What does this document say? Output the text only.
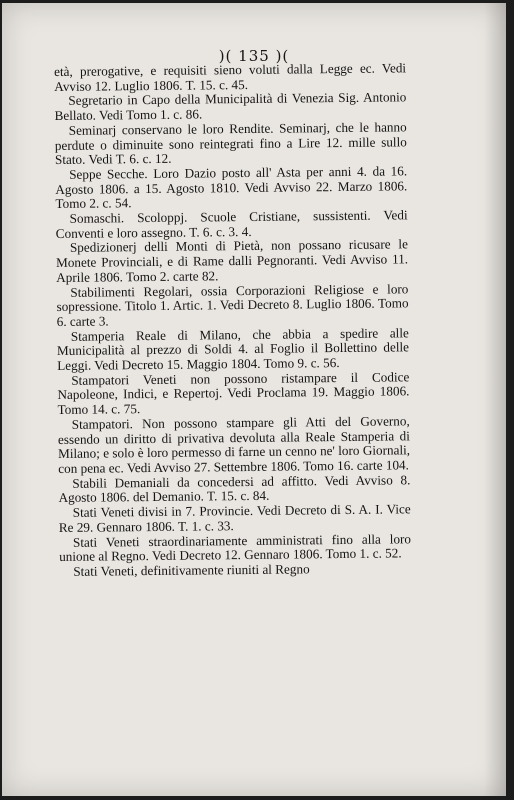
)( 135 )(

età, prerogative, e requisiti sieno voluti dalla Legge ec. Vedi Avviso 12. Luglio 1806. T. 15. c. 45.

Segretario in Capo della Municipalità di Venezia Sig. Antonio Bellato. Vedi Tomo 1. c. 86.

Seminarj conservano le loro Rendite. Seminarj, che le hanno perdute o diminuite sono reintegrati fino a Lire 12. mille sullo Stato. Vedi T. 6. c. 12.

Seppe Secche. Loro Dazio posto all' Asta per anni 4. da 16. Agosto 1806. a 15. Agosto 1810. Vedi Avviso 22. Marzo 1806. Tomo 2. c. 54.

Somaschi. Scoloppj. Scuole Cristiane, sussistenti. Vedi Conventi e loro assegno. T. 6. c. 3. 4.

Spedizionerj delli Monti di Pietà, non possano ricusare le Monete Provinciali, e di Rame dalli Pegnoranti. Vedi Avviso 11. Aprile 1806. Tomo 2. carte 82.

Stabilimenti Regolari, ossia Corporazioni Religiose e loro sopressione. Titolo 1. Artic. 1. Vedi Decreto 8. Luglio 1806. Tomo 6. carte 3.

Stamperia Reale di Milano, che abbia a spedire alle Municipalità al prezzo di Soldi 4. al Foglio il Bollettino delle Leggi. Vedi Decreto 15. Maggio 1804. Tomo 9. c. 56.

Stampatori Veneti non possono ristampare il Codice Napoleone, Indici, e Repertoj. Vedi Proclama 19. Maggio 1806. Tomo 14. c. 75.

Stampatori. Non possono stampare gli Atti del Governo, essendo un diritto di privativa devoluta alla Reale Stamperia di Milano; e solo è loro permesso di farne un cenno ne' loro Giornali, con pena ec. Vedi Avviso 27. Settembre 1806. Tomo 16. carte 104.

Stabili Demaniali da concedersi ad affitto. Vedi Avviso 8. Agosto 1806. del Demanio. T. 15. c. 84.

Stati Veneti divisi in 7. Provincie. Vedi Decreto di S. A. I. Vice Re 29. Gennaro 1806. T. 1. c. 33.

Stati Veneti straordinariamente amministrati fino alla loro unione al Regno. Vedi Decreto 12. Gennaro 1806. Tomo 1. c. 52.

Stati Veneti, definitivamente riuniti al Regno
